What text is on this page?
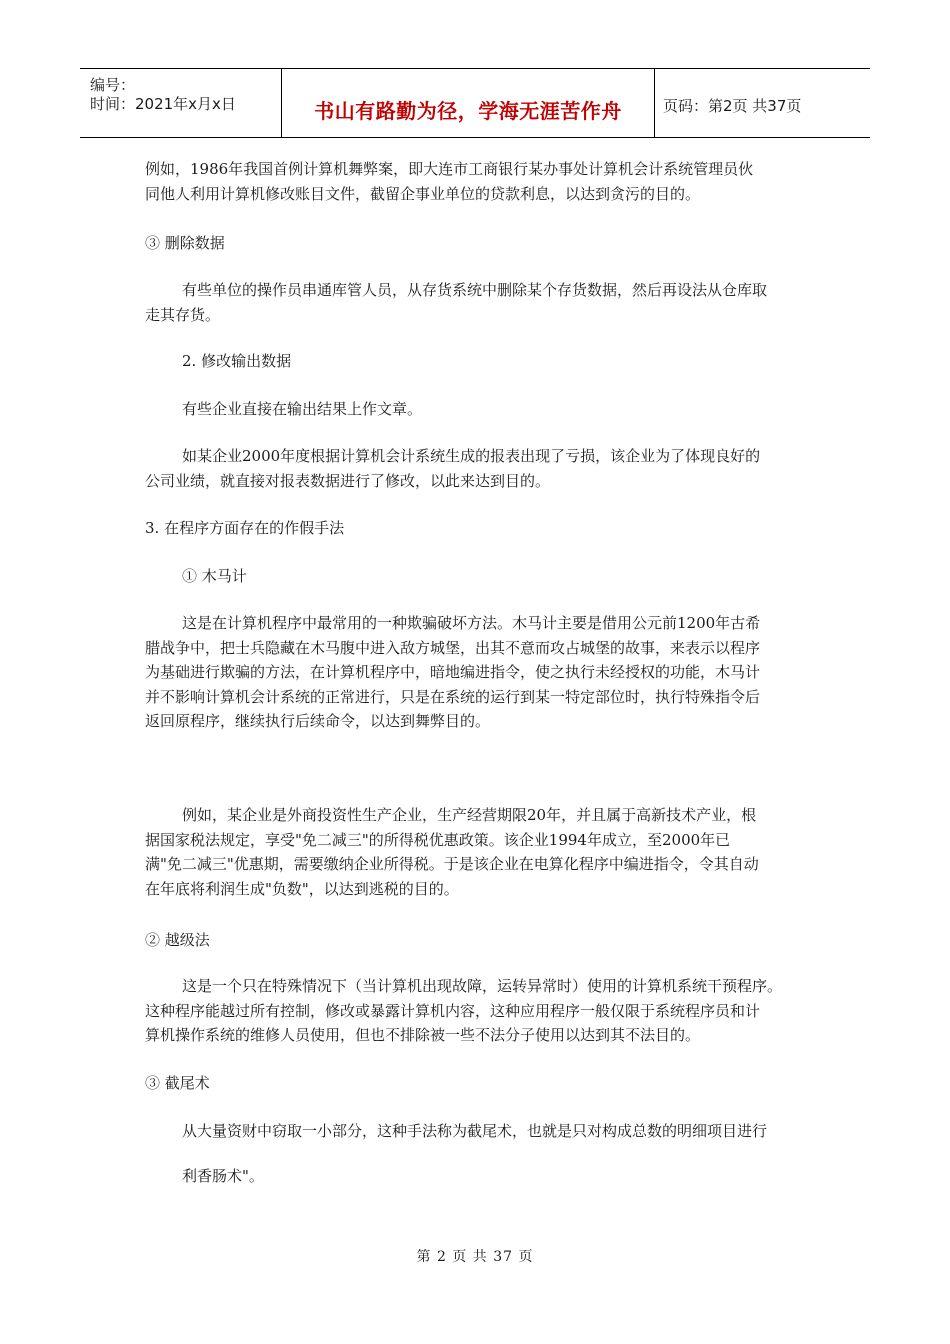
编号：
时间：2021年x月x日	书山有路勤为径，学海无涯苦作舟	页码：第2页 共37页

例如，1986年我国首例计算机舞弊案，即大连市工商银行某办事处计算机会计系统管理员伙

同他人利用计算机修改账目文件，截留企事业单位的贷款利息，以达到贪污的目的。

③ 删除数据

有些单位的操作员串通库管人员，从存货系统中删除某个存货数据，然后再设法从仓库取

走其存货。

2. 修改输出数据

有些企业直接在输出结果上作文章。

如某企业2000年度根据计算机会计系统生成的报表出现了亏损，该企业为了体现良好的

公司业绩，就直接对报表数据进行了修改，以此来达到目的。

3. 在程序方面存在的作假手法

① 木马计

这是在计算机程序中最常用的一种欺骗破坏方法。木马计主要是借用公元前1200年古希

腊战争中，把士兵隐藏在木马腹中进入敌方城堡，出其不意而攻占城堡的故事，来表示以程序

为基础进行欺骗的方法，在计算机程序中，暗地编进指令，使之执行未经授权的功能，木马计

并不影响计算机会计系统的正常进行，只是在系统的运行到某一特定部位时，执行特殊指令后

返回原程序，继续执行后续命令，以达到舞弊目的。

例如，某企业是外商投资性生产企业，生产经营期限20年，并且属于高新技术产业，根

据国家税法规定，享受"免二减三"的所得税优惠政策。该企业1994年成立，至2000年已

满"免二减三"优惠期，需要缴纳企业所得税。于是该企业在电算化程序中编进指令，令其自动

在年底将利润生成"负数"，以达到逃税的目的。

② 越级法

这是一个只在特殊情况下（当计算机出现故障，运转异常时）使用的计算机系统干预程序。

这种程序能越过所有控制，修改或暴露计算机内容，这种应用程序一般仅限于系统程序员和计

算机操作系统的维修人员使用，但也不排除被一些不法分子使用以达到其不法目的。

③ 截尾术

从大量资财中窃取一小部分，这种手法称为截尾术，也就是只对构成总数的明细项目进行

利香肠术"。

第 2 页 共 37 页
